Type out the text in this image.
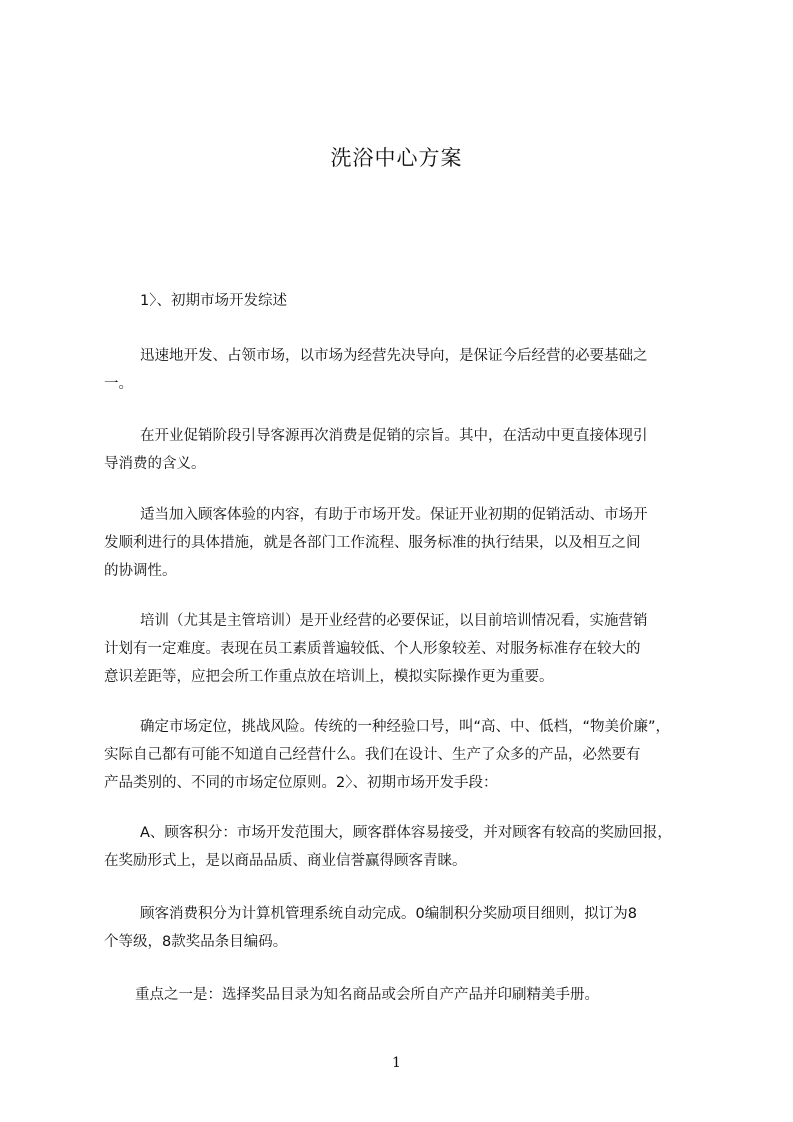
洗浴中心方案
1〉、初期市场开发综述
迅速地开发、占领市场，以市场为经营先决导向，是保证今后经营的必要基础之
一。
在开业促销阶段引导客源再次消费是促销的宗旨。其中，在活动中更直接体现引
导消费的含义。
适当加入顾客体验的内容，有助于市场开发。保证开业初期的促销活动、市场开
发顺利进行的具体措施，就是各部门工作流程、服务标准的执行结果，以及相互之间
的协调性。
培训（尤其是主管培训）是开业经营的必要保证，以目前培训情况看，实施营销
计划有一定难度。表现在员工素质普遍较低、个人形象较差、对服务标准存在较大的
意识差距等，应把会所工作重点放在培训上，模拟实际操作更为重要。
确定市场定位，挑战风险。传统的一种经验口号，叫“高、中、低档，“物美价廉”，
实际自己都有可能不知道自己经营什么。我们在设计、生产了众多的产品，必然要有
产品类别的、不同的市场定位原则。2〉、初期市场开发手段：
A、顾客积分：市场开发范围大，顾客群体容易接受，并对顾客有较高的奖励回报，
在奖励形式上，是以商品品质、商业信誉赢得顾客青睐。
顾客消费积分为计算机管理系统自动完成。0编制积分奖励项目细则，拟订为8
个等级，8款奖品条目编码。
重点之一是：选择奖品目录为知名商品或会所自产产品并印刷精美手册。
1
